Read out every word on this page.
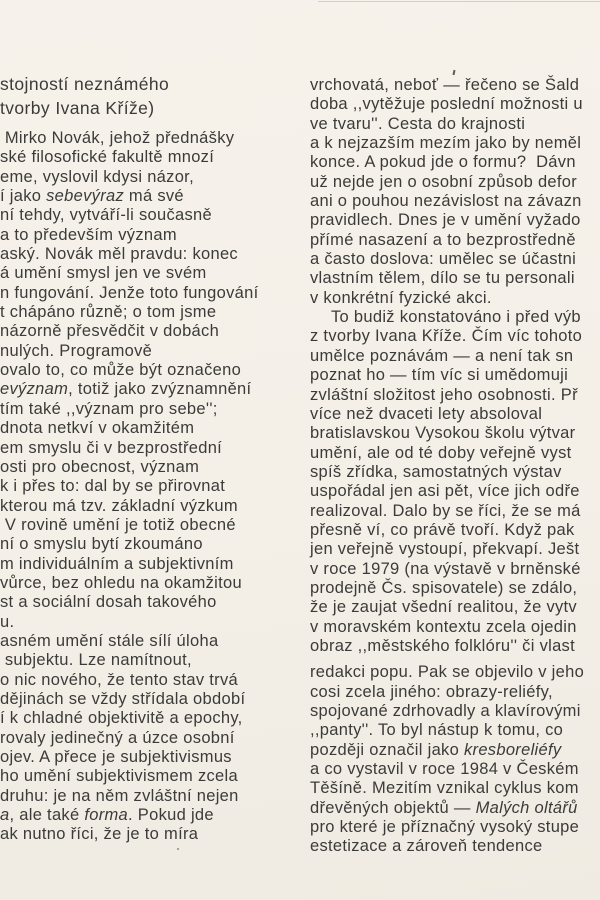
stojností neznámého
tvorby Ivana Kříže)
Mirko Novák, jehož přednášky
ské filosofické fakultě mnozí
eme, vyslovil kdysi názor,
í jako sebevýraz má své
ní tehdy, vytváří-li současně
a to především význam
aský. Novák měl pravdu: konec
á umění smysl jen ve svém
n fungování. Jenže toto fungování
t chápáno různě; o tom jsme
názorně přesvědčit v dobách
nulých. Programově
ovalo to, co může být označeno
evýznam, totiž jako zvýznamnění
tím také ,,význam pro sebe'';
dnota netkví v okamžitém
em smyslu či v bezprostřední
osti pro obecnost, význam
k i přes to: dal by se přirovnat
kterou má tzv. základní výzkum
V rovině umění je totiž obecné
ní o smyslu bytí zkoumáno
m individuálním a subjektivním
vůrce, bez ohledu na okamžitou
st a sociální dosah takového
u.
asném umění stále sílí úloha
subjektu. Lze namítnout,
o nic nového, že tento stav trvá
dějinách se vždy střídala období
í k chladné objektivitě a epochy,
rovaly jedinečný a úzce osobní
ojev. A přece je subjektivismus
ho umění subjektivismem zcela
druhu: je na něm zvláštní nejen
a, ale také forma. Pokud jde
ak nutno říci, že je to míra
vrchovatá, neboť — řečeno se Šald
doba ,,vytěžuje poslední možnosti u
ve tvaru''. Cesta do krajnosti
a k nejzazším mezím jako by neměl
konce. A pokud jde o formu?  Dávn
už nejde jen o osobní způsob defor
ani o pouhou nezávislost na závazn
pravidlech. Dnes je v umění vyžado
přímé nasazení a to bezprostředně
a často doslova: umělec se účastni
vlastním tělem, dílo se tu personali
v konkrétní fyzické akci.
To budiž konstatováno i před výb
z tvorby Ivana Kříže. Čím víc tohoto
umělce poznávám — a není tak sn
poznat ho — tím víc si umědomuji
zvláštní složitost jeho osobnosti. Př
více než dvaceti lety absoloval
bratislavskou Vysokou školu výtvar
umění, ale od té doby veřejně vyst
spíš zřídka, samostatných výstav
uspořádal jen asi pět, více jich odře
realizoval. Dalo by se říci, že se má
přesně ví, co právě tvoří. Když pak
jen veřejně vystoupí, překvapí. Ješt
v roce 1979 (na výstavě v brněnské
prodejně Čs. spisovatele) se zdálo,
že je zaujat všední realitou, že vytv
v moravském kontextu zcela ojedin
obraz ,,městského folklóru'' či vlast
redakci popu. Pak se objevilo v jeho
cosi zcela jiného: obrazy-reliéfy,
spojované zdrhovadly a klavírovými
,,panty''. To byl nástup k tomu, co
později označil jako kresboreliéfy
a co vystavil v roce 1984 v Českém
Těšíně. Mezitím vznikal cyklus kom
dřevěných objektů — Malých oltářů
pro které je příznačný vysoký stupe
estetizace a zároveň tendence
